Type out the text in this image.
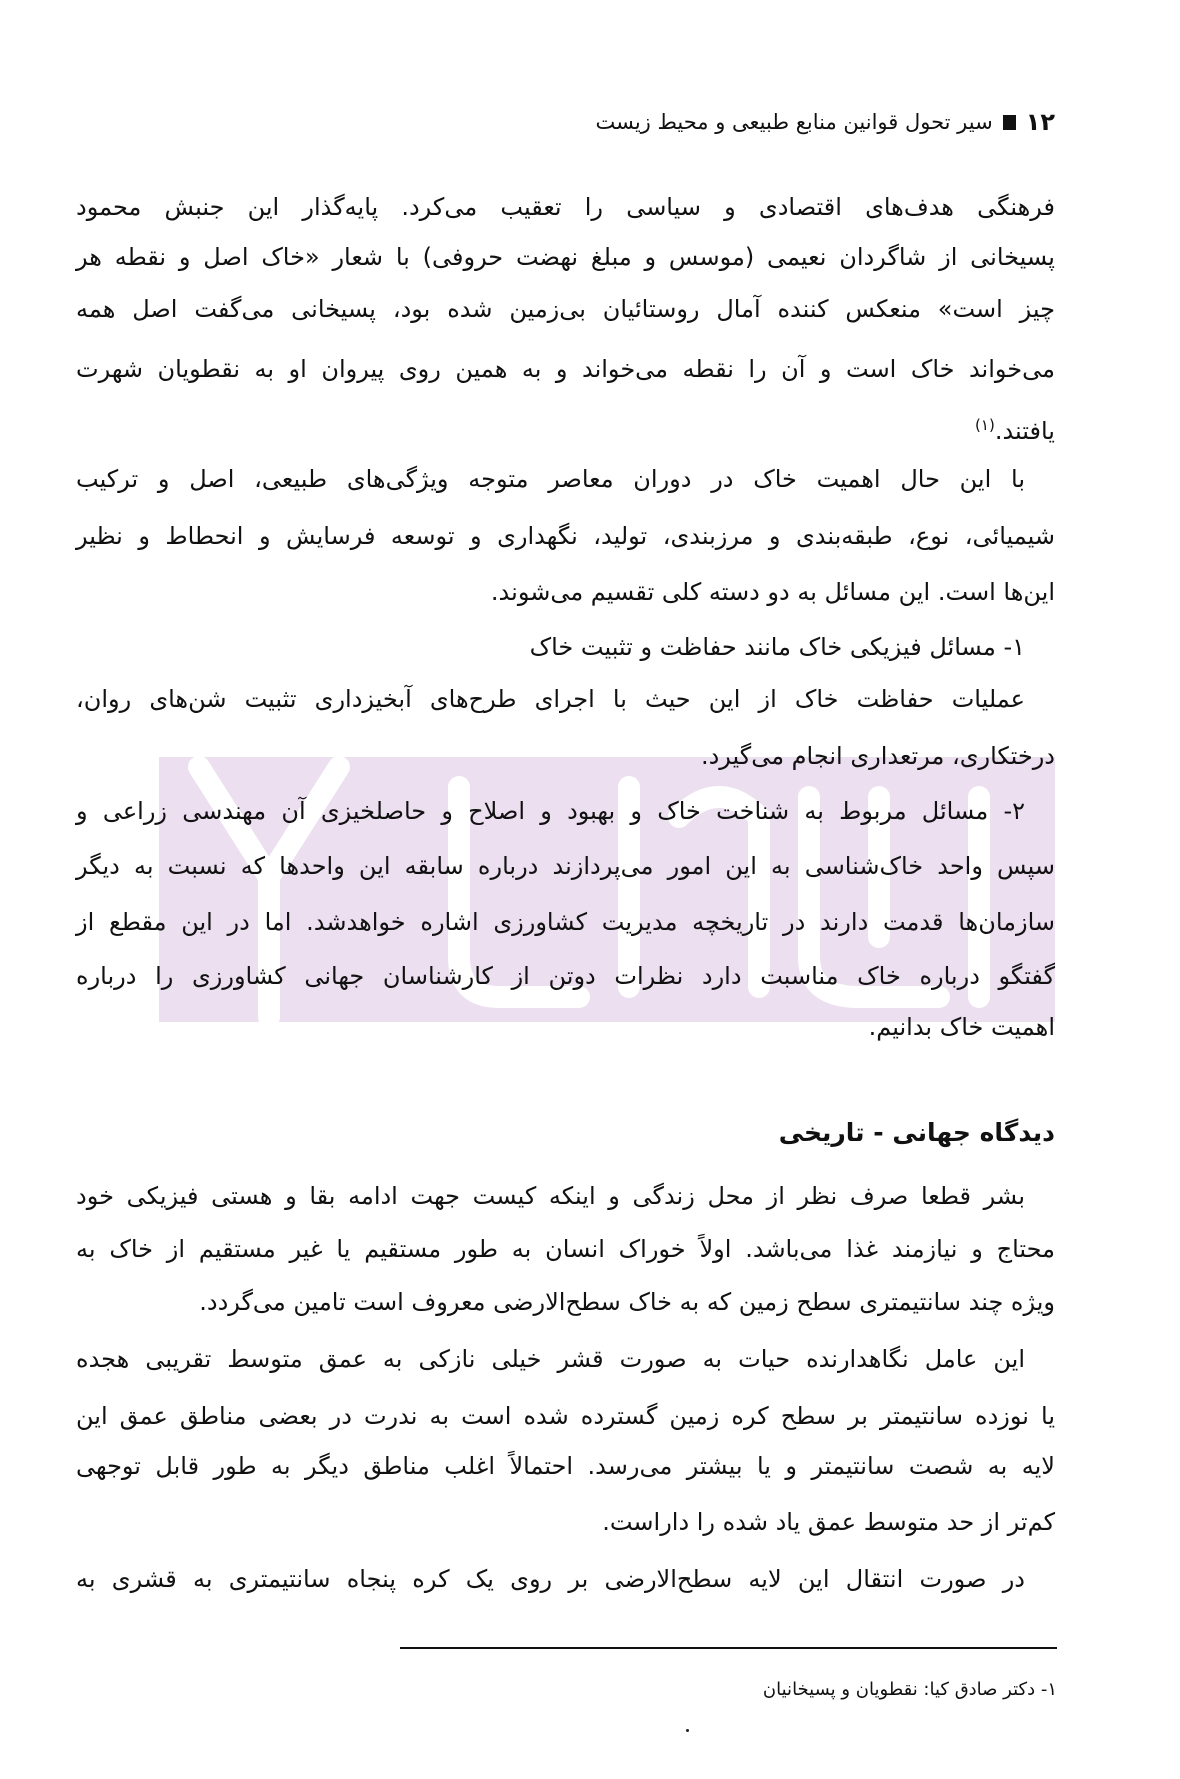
۱۲
سیر تحول قوانین منابع طبیعی و محیط زیست
فرهنگی هدف‌های اقتصادی و سیاسی را تعقیب می‌کرد. پایه‌گذار این جنبش محمود
پسیخانی از شاگردان نعیمی (موسس و مبلغ نهضت حروفی) با شعار «خاک اصل و نقطه هر
چیز است» منعکس کننده آمال روستائیان بی‌زمین شده بود، پسیخانی می‌گفت اصل همه
می‌خواند خاک است و آن را نقطه می‌خواند و به همین روی پیروان او به نقطویان شهرت
یافتند.$^{(۱)}$
با این حال اهمیت خاک در دوران معاصر متوجه ویژگی‌های طبیعی، اصل و ترکیب
شیمیائی، نوع، طبقه‌بندی و مرزبندی، تولید، نگهداری و توسعه فرسایش و انحطاط و نظیر
این‌ها است. این مسائل به دو دسته کلی تقسیم می‌شوند.
۱- مسائل فیزیکی خاک مانند حفاظت و تثبیت خاک
عملیات حفاظت خاک از این حیث با اجرای طرح‌های آبخیزداری تثبیت شن‌های روان،
درختکاری، مرتعداری انجام می‌گیرد.
۲- مسائل مربوط به شناخت خاک و بهبود و اصلاح و حاصلخیزی آن مهندسی زراعی و
سپس واحد خاک‌شناسی به این امور می‌پردازند درباره سابقه این واحدها که نسبت به دیگر
سازمان‌ها قدمت دارند در تاریخچه مدیریت کشاورزی اشاره خواهدشد. اما در این مقطع از
گفتگو درباره خاک مناسبت دارد نظرات دوتن از کارشناسان جهانی کشاورزی را درباره
اهمیت خاک بدانیم.
دیدگاه جهانی - تاریخی
بشر قطعا صرف نظر از محل زندگی و اینکه کیست جهت ادامه بقا و هستی فیزیکی خود
محتاج و نیازمند غذا می‌باشد. اولاً خوراک انسان به طور مستقیم یا غیر مستقیم از خاک به
ویژه چند سانتیمتری سطح زمین که به خاک سطح‌الارضی معروف است تامین می‌گردد.
این عامل نگاهدارنده حیات به صورت قشر خیلی نازکی به عمق متوسط تقریبی هجده
یا نوزده سانتیمتر بر سطح کره زمین گسترده شده است به ندرت در بعضی مناطق عمق این
لایه به شصت سانتیمتر و یا بیشتر می‌رسد. احتمالاً اغلب مناطق دیگر به طور قابل توجهی
کم‌تر از حد متوسط عمق یاد شده را داراست.
در صورت انتقال این لایه سطح‌الارضی بر روی یک کره پنجاه سانتیمتری به قشری به
۱- دکتر صادق کیا: نقطویان و پسیخانیان
